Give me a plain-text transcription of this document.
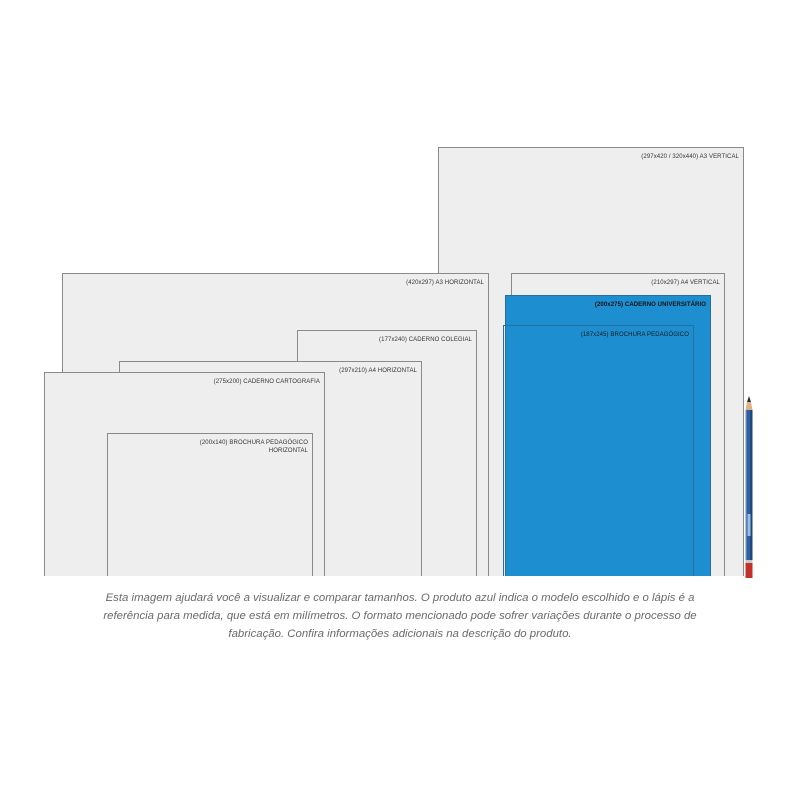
(297x420 / 320x440) A3 VERTICAL
(420x297) A3 HORIZONTAL	(210x297) A4 VERTICAL
(200x275) CADERNO UNIVERSITÁRIO
(187x245) BROCHURA PEDAGÓGICO
(177x240) CADERNO COLEGIAL
(297x210) A4 HORIZONTAL
(275x200) CADERNO CARTOGRAFIA
(200x140) BROCHURA PEDAGÓGICO
HORIZONTAL

Esta imagem ajudará você a visualizar e comparar tamanhos. O produto azul indica o modelo escolhido e o lápis é a referência para medida, que está em milímetros. O formato mencionado pode sofrer variações durante o processo de fabricação. Confira informações adicionais na descrição do produto.
